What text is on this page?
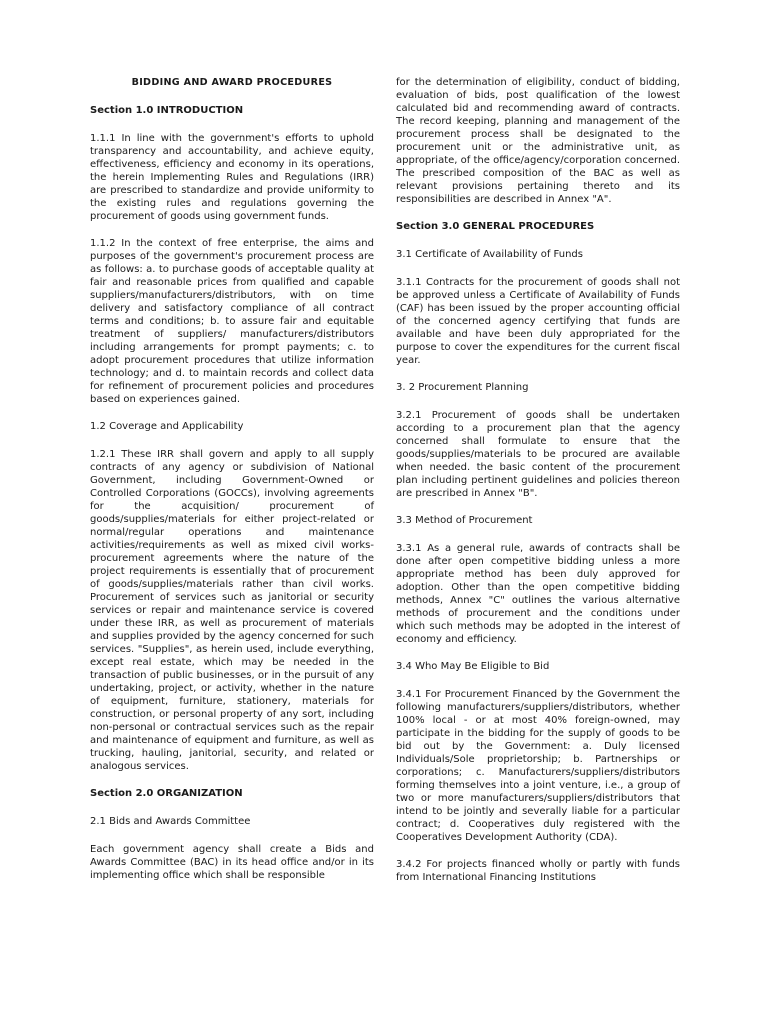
BIDDING AND AWARD PROCEDURES
Section 1.0 INTRODUCTION

1.1.1 In line with the government's efforts to uphold transparency and accountability, and achieve equity, effectiveness, efficiency and economy in its operations, the herein Implementing Rules and Regulations (IRR) are prescribed to standardize and provide uniformity to the existing rules and regulations governing the procurement of goods using government funds.

1.1.2 In the context of free enterprise, the aims and purposes of the government's procurement process are as follows: a. to purchase goods of acceptable quality at fair and reasonable prices from qualified and capable suppliers/manufacturers/distributors, with on time delivery and satisfactory compliance of all contract terms and conditions; b. to assure fair and equitable treatment of suppliers/ manufacturers/distributors including arrangements for prompt payments; c. to adopt procurement procedures that utilize information technology; and d. to maintain records and collect data for refinement of procurement policies and procedures based on experiences gained.

1.2 Coverage and Applicability

1.2.1 These IRR shall govern and apply to all supply contracts of any agency or subdivision of National Government, including Government-Owned or Controlled Corporations (GOCCs), involving agreements for the acquisition/ procurement of goods/supplies/materials for either project-related or normal/regular operations and maintenance activities/requirements as well as mixed civil works-procurement agreements where the nature of the project requirements is essentially that of procurement of goods/supplies/materials rather than civil works. Procurement of services such as janitorial or security services or repair and maintenance service is covered under these IRR, as well as procurement of materials and supplies provided by the agency concerned for such services. "Supplies", as herein used, include everything, except real estate, which may be needed in the transaction of public businesses, or in the pursuit of any undertaking, project, or activity, whether in the nature of equipment, furniture, stationery, materials for construction, or personal property of any sort, including non-personal or contractual services such as the repair and maintenance of equipment and furniture, as well as trucking, hauling, janitorial, security, and related or analogous services.

Section 2.0 ORGANIZATION
2.1 Bids and Awards Committee

Each government agency shall create a Bids and Awards Committee (BAC) in its head office and/or in its implementing office which shall be responsible

for the determination of eligibility, conduct of bidding, evaluation of bids, post qualification of the lowest calculated bid and recommending award of contracts. The record keeping, planning and management of the procurement process shall be designated to the procurement unit or the administrative unit, as appropriate, of the office/agency/corporation concerned. The prescribed composition of the BAC as well as relevant provisions pertaining thereto and its responsibilities are described in Annex "A".

Section 3.0 GENERAL PROCEDURES
3.1 Certificate of Availability of Funds

3.1.1 Contracts for the procurement of goods shall not be approved unless a Certificate of Availability of Funds (CAF) has been issued by the proper accounting official of the concerned agency certifying that funds are available and have been duly appropriated for the purpose to cover the expenditures for the current fiscal year.

3. 2 Procurement Planning

3.2.1 Procurement of goods shall be undertaken according to a procurement plan that the agency concerned shall formulate to ensure that the goods/supplies/materials to be procured are available when needed. the basic content of the procurement plan including pertinent guidelines and policies thereon are prescribed in Annex "B".

3.3 Method of Procurement

3.3.1 As a general rule, awards of contracts shall be done after open competitive bidding unless a more appropriate method has been duly approved for adoption. Other than the open competitive bidding methods, Annex "C" outlines the various alternative methods of procurement and the conditions under which such methods may be adopted in the interest of economy and efficiency.

3.4 Who May Be Eligible to Bid

3.4.1 For Procurement Financed by the Government the following manufacturers/suppliers/distributors, whether 100% local - or at most 40% foreign-owned, may participate in the bidding for the supply of goods to be bid out by the Government: a. Duly licensed Individuals/Sole proprietorship; b. Partnerships or corporations; c. Manufacturers/suppliers/distributors forming themselves into a joint venture, i.e., a group of two or more manufacturers/suppliers/distributors that intend to be jointly and severally liable for a particular contract; d. Cooperatives duly registered with the Cooperatives Development Authority (CDA).

3.4.2 For projects financed wholly or partly with funds from International Financing Institutions
